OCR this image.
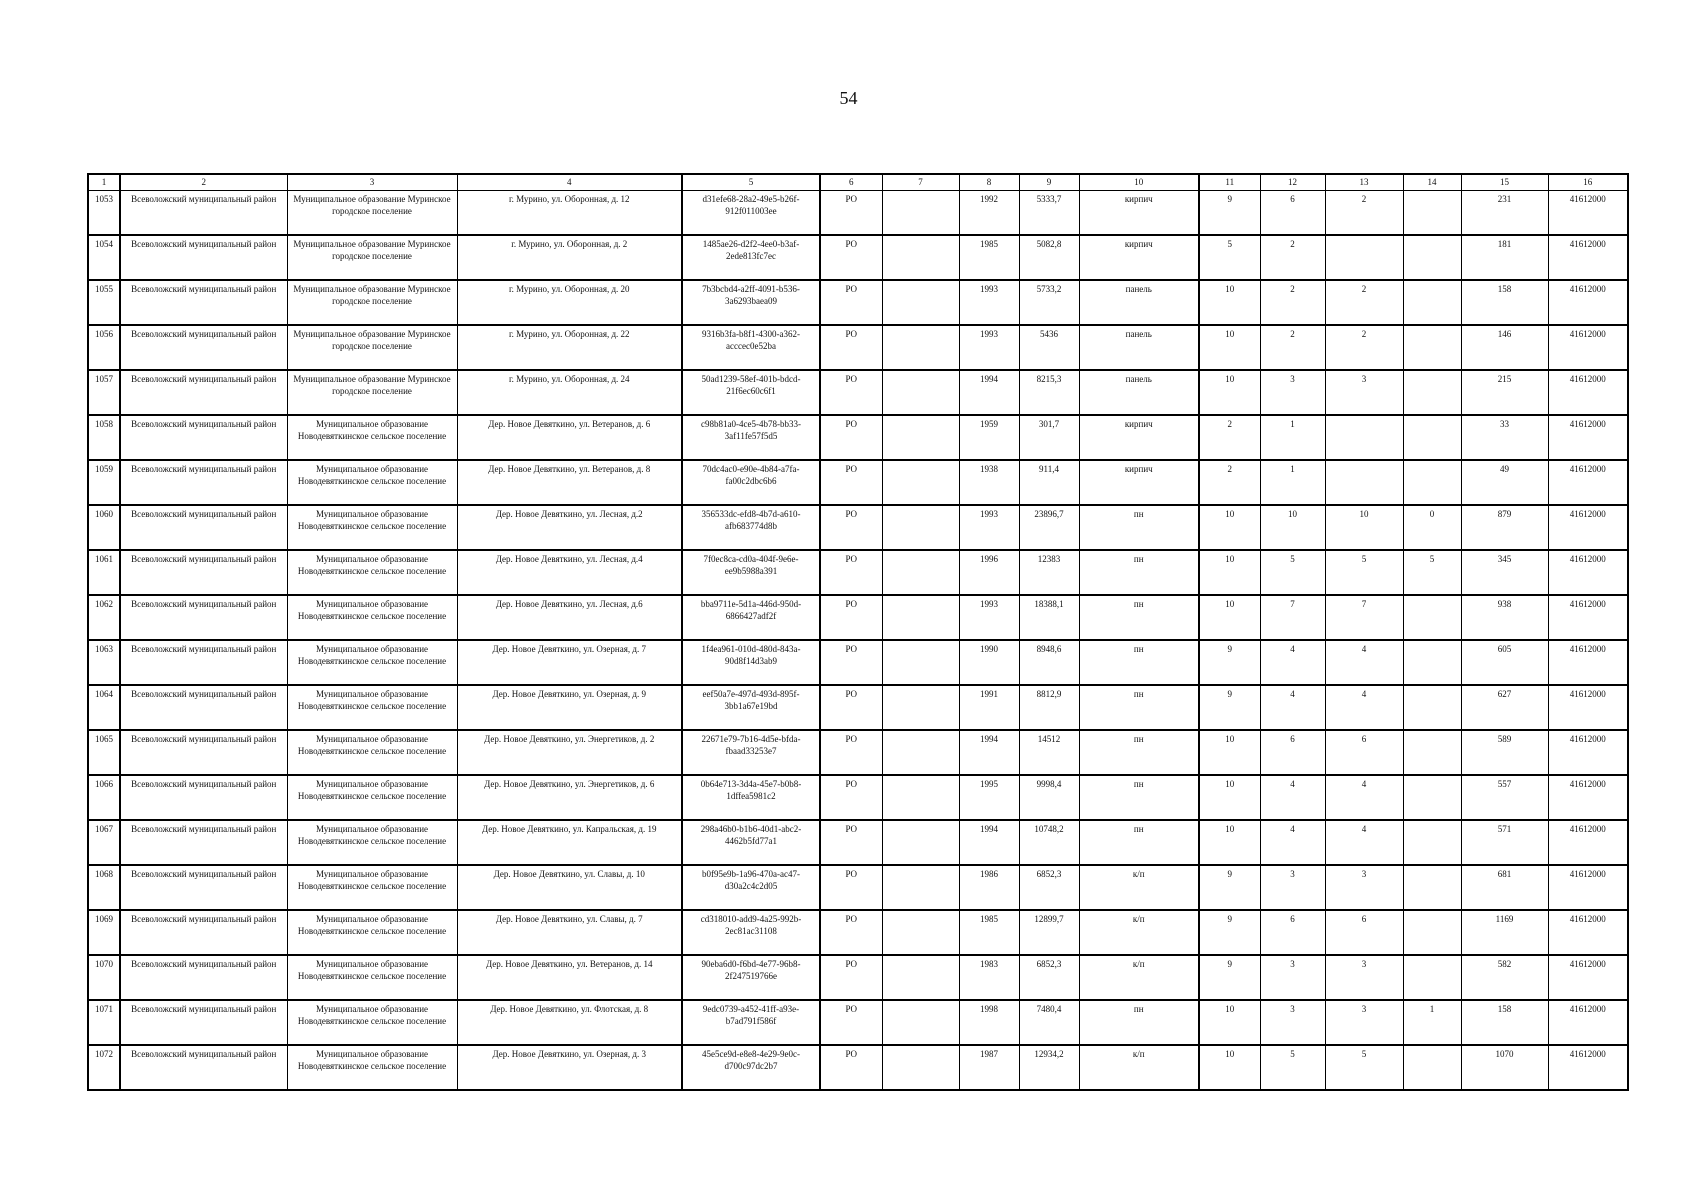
54
1	2	3	4	5	6	7	8	9	10	11	12	13	14	15	16
1053	Всеволожский муниципальный район	Муниципальное образование Муринское городское поселение	г. Мурино, ул. Оборонная, д. 12	d31efe68-28a2-49e5-b26f-912f011003ee	РО		1992	5333,7	кирпич	9	6	2		231	41612000
1054	Всеволожский муниципальный район	Муниципальное образование Муринское городское поселение	г. Мурино, ул. Оборонная, д. 2	1485ae26-d2f2-4ee0-b3af-2ede813fc7ec	РО		1985	5082,8	кирпич	5	2			181	41612000
1055	Всеволожский муниципальный район	Муниципальное образование Муринское городское поселение	г. Мурино, ул. Оборонная, д. 20	7b3bcbd4-a2ff-4091-b536-3a6293baea09	РО		1993	5733,2	панель	10	2	2		158	41612000
1056	Всеволожский муниципальный район	Муниципальное образование Муринское городское поселение	г. Мурино, ул. Оборонная, д. 22	9316b3fa-b8f1-4300-a362-acccec0e52ba	РО		1993	5436	панель	10	2	2		146	41612000
1057	Всеволожский муниципальный район	Муниципальное образование Муринское городское поселение	г. Мурино, ул. Оборонная, д. 24	50ad1239-58ef-401b-bdcd-21f6ec60c6f1	РО		1994	8215,3	панель	10	3	3		215	41612000
1058	Всеволожский муниципальный район	Муниципальное образование Новодевяткинское сельское поселение	Дер. Новое Девяткино, ул. Ветеранов, д. 6	c98b81a0-4ce5-4b78-bb33-3af11fe57f5d5	РО		1959	301,7	кирпич	2	1			33	41612000
1059	Всеволожский муниципальный район	Муниципальное образование Новодевяткинское сельское поселение	Дер. Новое Девяткино, ул. Ветеранов, д. 8	70dc4ac0-e90e-4b84-a7fa-fa00c2dbc6b6	РО		1938	911,4	кирпич	2	1			49	41612000
1060	Всеволожский муниципальный район	Муниципальное образование Новодевяткинское сельское поселение	Дер. Новое Девяткино, ул. Лесная, д.2	356533dc-efd8-4b7d-a610-afb683774d8b	РО		1993	23896,7	пн	10	10	10	0	879	41612000
1061	Всеволожский муниципальный район	Муниципальное образование Новодевяткинское сельское поселение	Дер. Новое Девяткино, ул. Лесная, д.4	7f0ec8ca-cd0a-404f-9e6e-ee9b5988a391	РО		1996	12383	пн	10	5	5	5	345	41612000
1062	Всеволожский муниципальный район	Муниципальное образование Новодевяткинское сельское поселение	Дер. Новое Девяткино, ул. Лесная, д.6	bba9711e-5d1a-446d-950d-6866427adf2f	РО		1993	18388,1	пн	10	7	7		938	41612000
1063	Всеволожский муниципальный район	Муниципальное образование Новодевяткинское сельское поселение	Дер. Новое Девяткино, ул. Озерная, д. 7	1f4ea961-010d-480d-843a-90d8f14d3ab9	РО		1990	8948,6	пн	9	4	4		605	41612000
1064	Всеволожский муниципальный район	Муниципальное образование Новодевяткинское сельское поселение	Дер. Новое Девяткино, ул. Озерная, д. 9	eef50a7e-497d-493d-895f-3bb1a67e19bd	РО		1991	8812,9	пн	9	4	4		627	41612000
1065	Всеволожский муниципальный район	Муниципальное образование Новодевяткинское сельское поселение	Дер. Новое Девяткино, ул. Энергетиков, д. 2	22671e79-7b16-4d5e-bfda-fbaad33253e7	РО		1994	14512	пн	10	6	6		589	41612000
1066	Всеволожский муниципальный район	Муниципальное образование Новодевяткинское сельское поселение	Дер. Новое Девяткино, ул. Энергетиков, д. 6	0b64e713-3d4a-45e7-b0b8-1dffea5981c2	РО		1995	9998,4	пн	10	4	4		557	41612000
1067	Всеволожский муниципальный район	Муниципальное образование Новодевяткинское сельское поселение	Дер. Новое Девяткино, ул. Капральская, д. 19	298a46b0-b1b6-40d1-abc2-4462b5fd77a1	РО		1994	10748,2	пн	10	4	4		571	41612000
1068	Всеволожский муниципальный район	Муниципальное образование Новодевяткинское сельское поселение	Дер. Новое Девяткино, ул. Славы, д. 10	b0f95e9b-1a96-470a-ac47-d30a2c4c2d05	РО		1986	6852,3	к/п	9	3	3		681	41612000
1069	Всеволожский муниципальный район	Муниципальное образование Новодевяткинское сельское поселение	Дер. Новое Девяткино, ул. Славы, д. 7	cd318010-add9-4a25-992b-2ec81ac31108	РО		1985	12899,7	к/п	9	6	6		1169	41612000
1070	Всеволожский муниципальный район	Муниципальное образование Новодевяткинское сельское поселение	Дер. Новое Девяткино, ул. Ветеранов, д. 14	90eba6d0-f6bd-4e77-96b8-2f247519766e	РО		1983	6852,3	к/п	9	3	3		582	41612000
1071	Всеволожский муниципальный район	Муниципальное образование Новодевяткинское сельское поселение	Дер. Новое Девяткино, ул. Флотская, д. 8	9edc0739-a452-41ff-a93e-b7ad791f586f	РО		1998	7480,4	пн	10	3	3	1	158	41612000
1072	Всеволожский муниципальный район	Муниципальное образование Новодевяткинское сельское поселение	Дер. Новое Девяткино, ул. Озерная, д. 3	45e5ce9d-e8e8-4e29-9e0c-d700c97dc2b7	РО		1987	12934,2	к/п	10	5	5		1070	41612000
